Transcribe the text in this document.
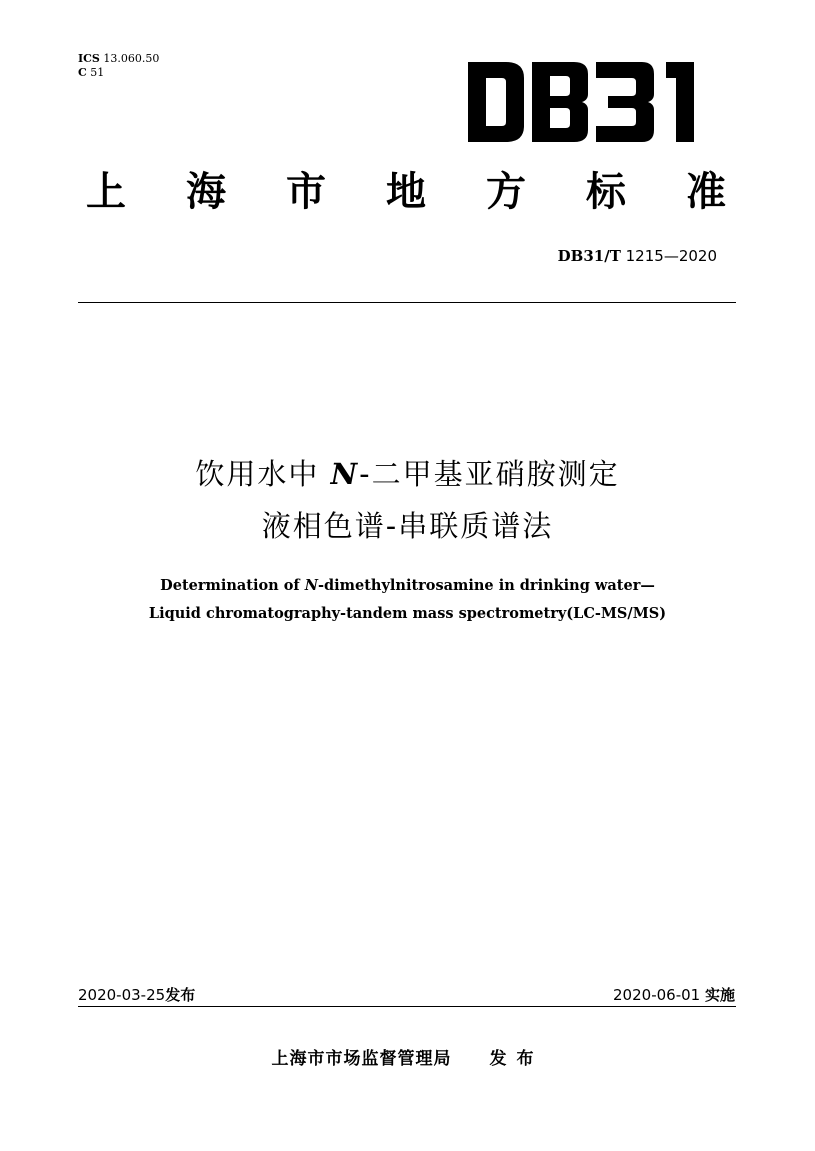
ICS 13.060.50
C 51
DB31
上 海 市 地 方 标 准
DB31/T 1215—2020
饮用水中 N-二甲基亚硝胺测定
液相色谱-串联质谱法
Determination of N-dimethylnitrosamine in drinking water—
Liquid chromatography-tandem mass spectrometry(LC-MS/MS)
2020-03-25发布	2020-06-01 实施
上海市市场监督管理局 发布
